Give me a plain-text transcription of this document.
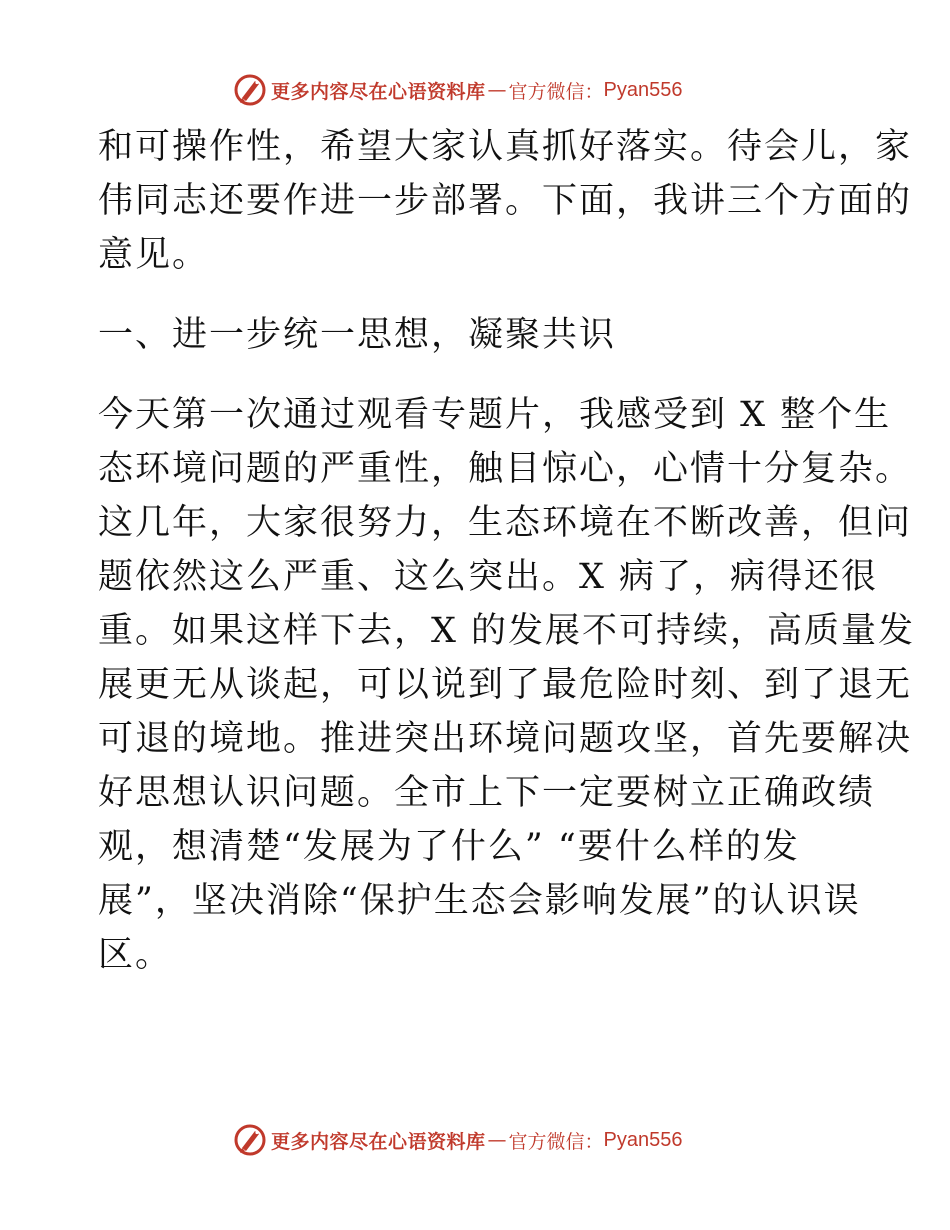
更多内容尽在心语资料库 — 官方微信： Pyan556
和可操作性，希望大家认真抓好落实。待会儿，家
伟同志还要作进一步部署。下面，我讲三个方面的
意见。
一、进一步统一思想，凝聚共识
今天第一次通过观看专题片，我感受到 X 整个生
态环境问题的严重性，触目惊心，心情十分复杂。
这几年，大家很努力，生态环境在不断改善，但问
题依然这么严重、这么突出。X 病了，病得还很
重。如果这样下去，X 的发展不可持续，高质量发
展更无从谈起，可以说到了最危险时刻、到了退无
可退的境地。推进突出环境问题攻坚，首先要解决
好思想认识问题。全市上下一定要树立正确政绩
观，想清楚“发展为了什么” “要什么样的发
展”，坚决消除“保护生态会影响发展”的认识误
区。
更多内容尽在心语资料库 — 官方微信： Pyan556
